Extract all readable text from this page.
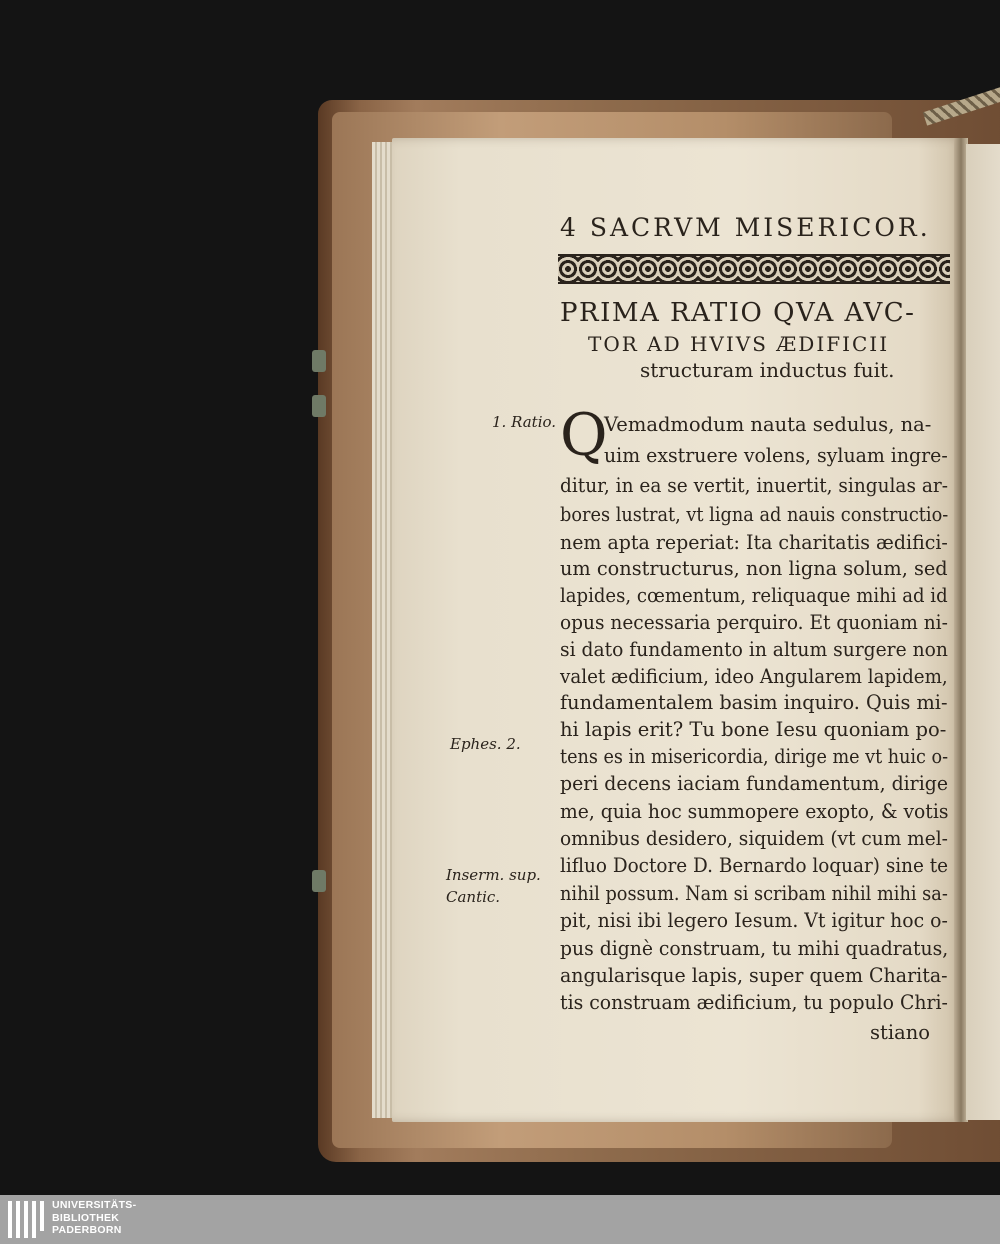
4 SACRVM MISERICOR.
PRIMA RATIO QVA AVC-
TOR AD HVIVS ÆDIFICII
structuram inductus fuit.
Q
Vemadmodum nauta sedulus, na-
uim exstruere volens, syluam ingre-
ditur, in ea se vertit, inuertit, singulas ar-
bores lustrat, vt ligna ad nauis constructio-
nem apta reperiat: Ita charitatis ædifici-
um constructurus, non ligna solum, sed
lapides, cœmentum, reliquaque mihi ad id
opus necessaria perquiro. Et quoniam ni-
si dato fundamento in altum surgere non
valet ædificium, ideo Angularem lapidem,
fundamentalem basim inquiro. Quis mi-
hi lapis erit? Tu bone Iesu quoniam po-
tens es in misericordia, dirige me vt huic o-
peri decens iaciam fundamentum, dirige
me, quia hoc summopere exopto, & votis
omnibus desidero, siquidem (vt cum mel-
lifluo Doctore D. Bernardo loquar) sine te
nihil possum. Nam si scribam nihil mihi sa-
pit, nisi ibi legero Iesum. Vt igitur hoc o-
pus dignè construam, tu mihi quadratus,
angularisque lapis, super quem Charita-
tis construam ædificium, tu populo Chri-
stiano
1. Ratio.
Ephes. 2.
Inserm. sup.
Cantic.
UNIVERSITÄTS-
BIBLIOTHEK
PADERBORN
